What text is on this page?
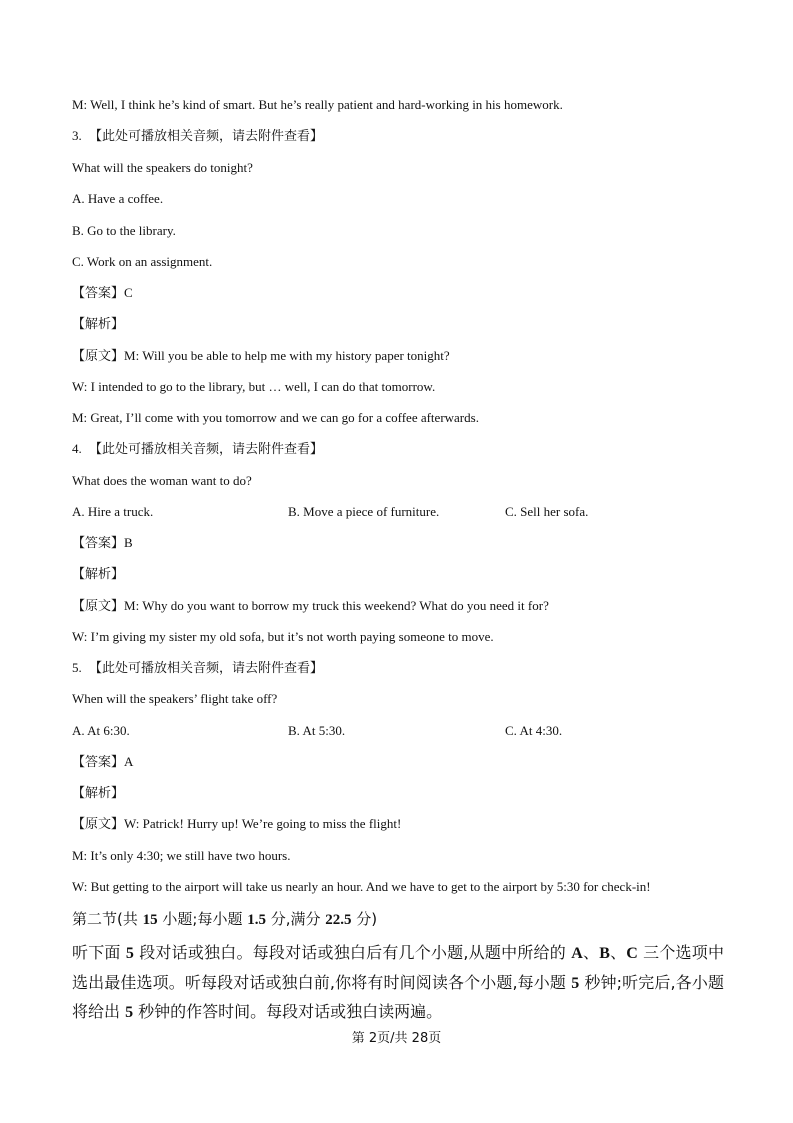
M: Well, I think he’s kind of smart. But he’s really patient and hard-working in his homework.
3. 【此处可播放相关音频，请去附件查看】
What will the speakers do tonight?
A. Have a coffee.
B. Go to the library.
C. Work on an assignment.
【答案】C
【解析】
【原文】M: Will you be able to help me with my history paper tonight?
W: I intended to go to the library, but … well, I can do that tomorrow.
M: Great, I’ll come with you tomorrow and we can go for a coffee afterwards.
4. 【此处可播放相关音频，请去附件查看】
What does the woman want to do?
A. Hire a truck.	B. Move a piece of furniture.	C. Sell her sofa.
【答案】B
【解析】
【原文】M: Why do you want to borrow my truck this weekend? What do you need it for?
W: I’m giving my sister my old sofa, but it’s not worth paying someone to move.
5. 【此处可播放相关音频，请去附件查看】
When will the speakers’ flight take off?
A. At 6:30.	B. At 5:30.	C. At 4:30.
【答案】A
【解析】
【原文】W: Patrick! Hurry up! We’re going to miss the flight!
M: It’s only 4:30; we still have two hours.
W: But getting to the airport will take us nearly an hour. And we have to get to the airport by 5:30 for check-in!
第二节(共 15 小题;每小题 1.5 分,满分 22.5 分)
听下面 5 段对话或独白。每段对话或独白后有几个小题,从题中所给的 A、B、C 三个选项中选出最佳选项。听每段对话或独白前,你将有时间阅读各个小题,每小题 5 秒钟;听完后,各小题将给出 5 秒钟的作答时间。每段对话或独白读两遍。
第 2页/共 28页
